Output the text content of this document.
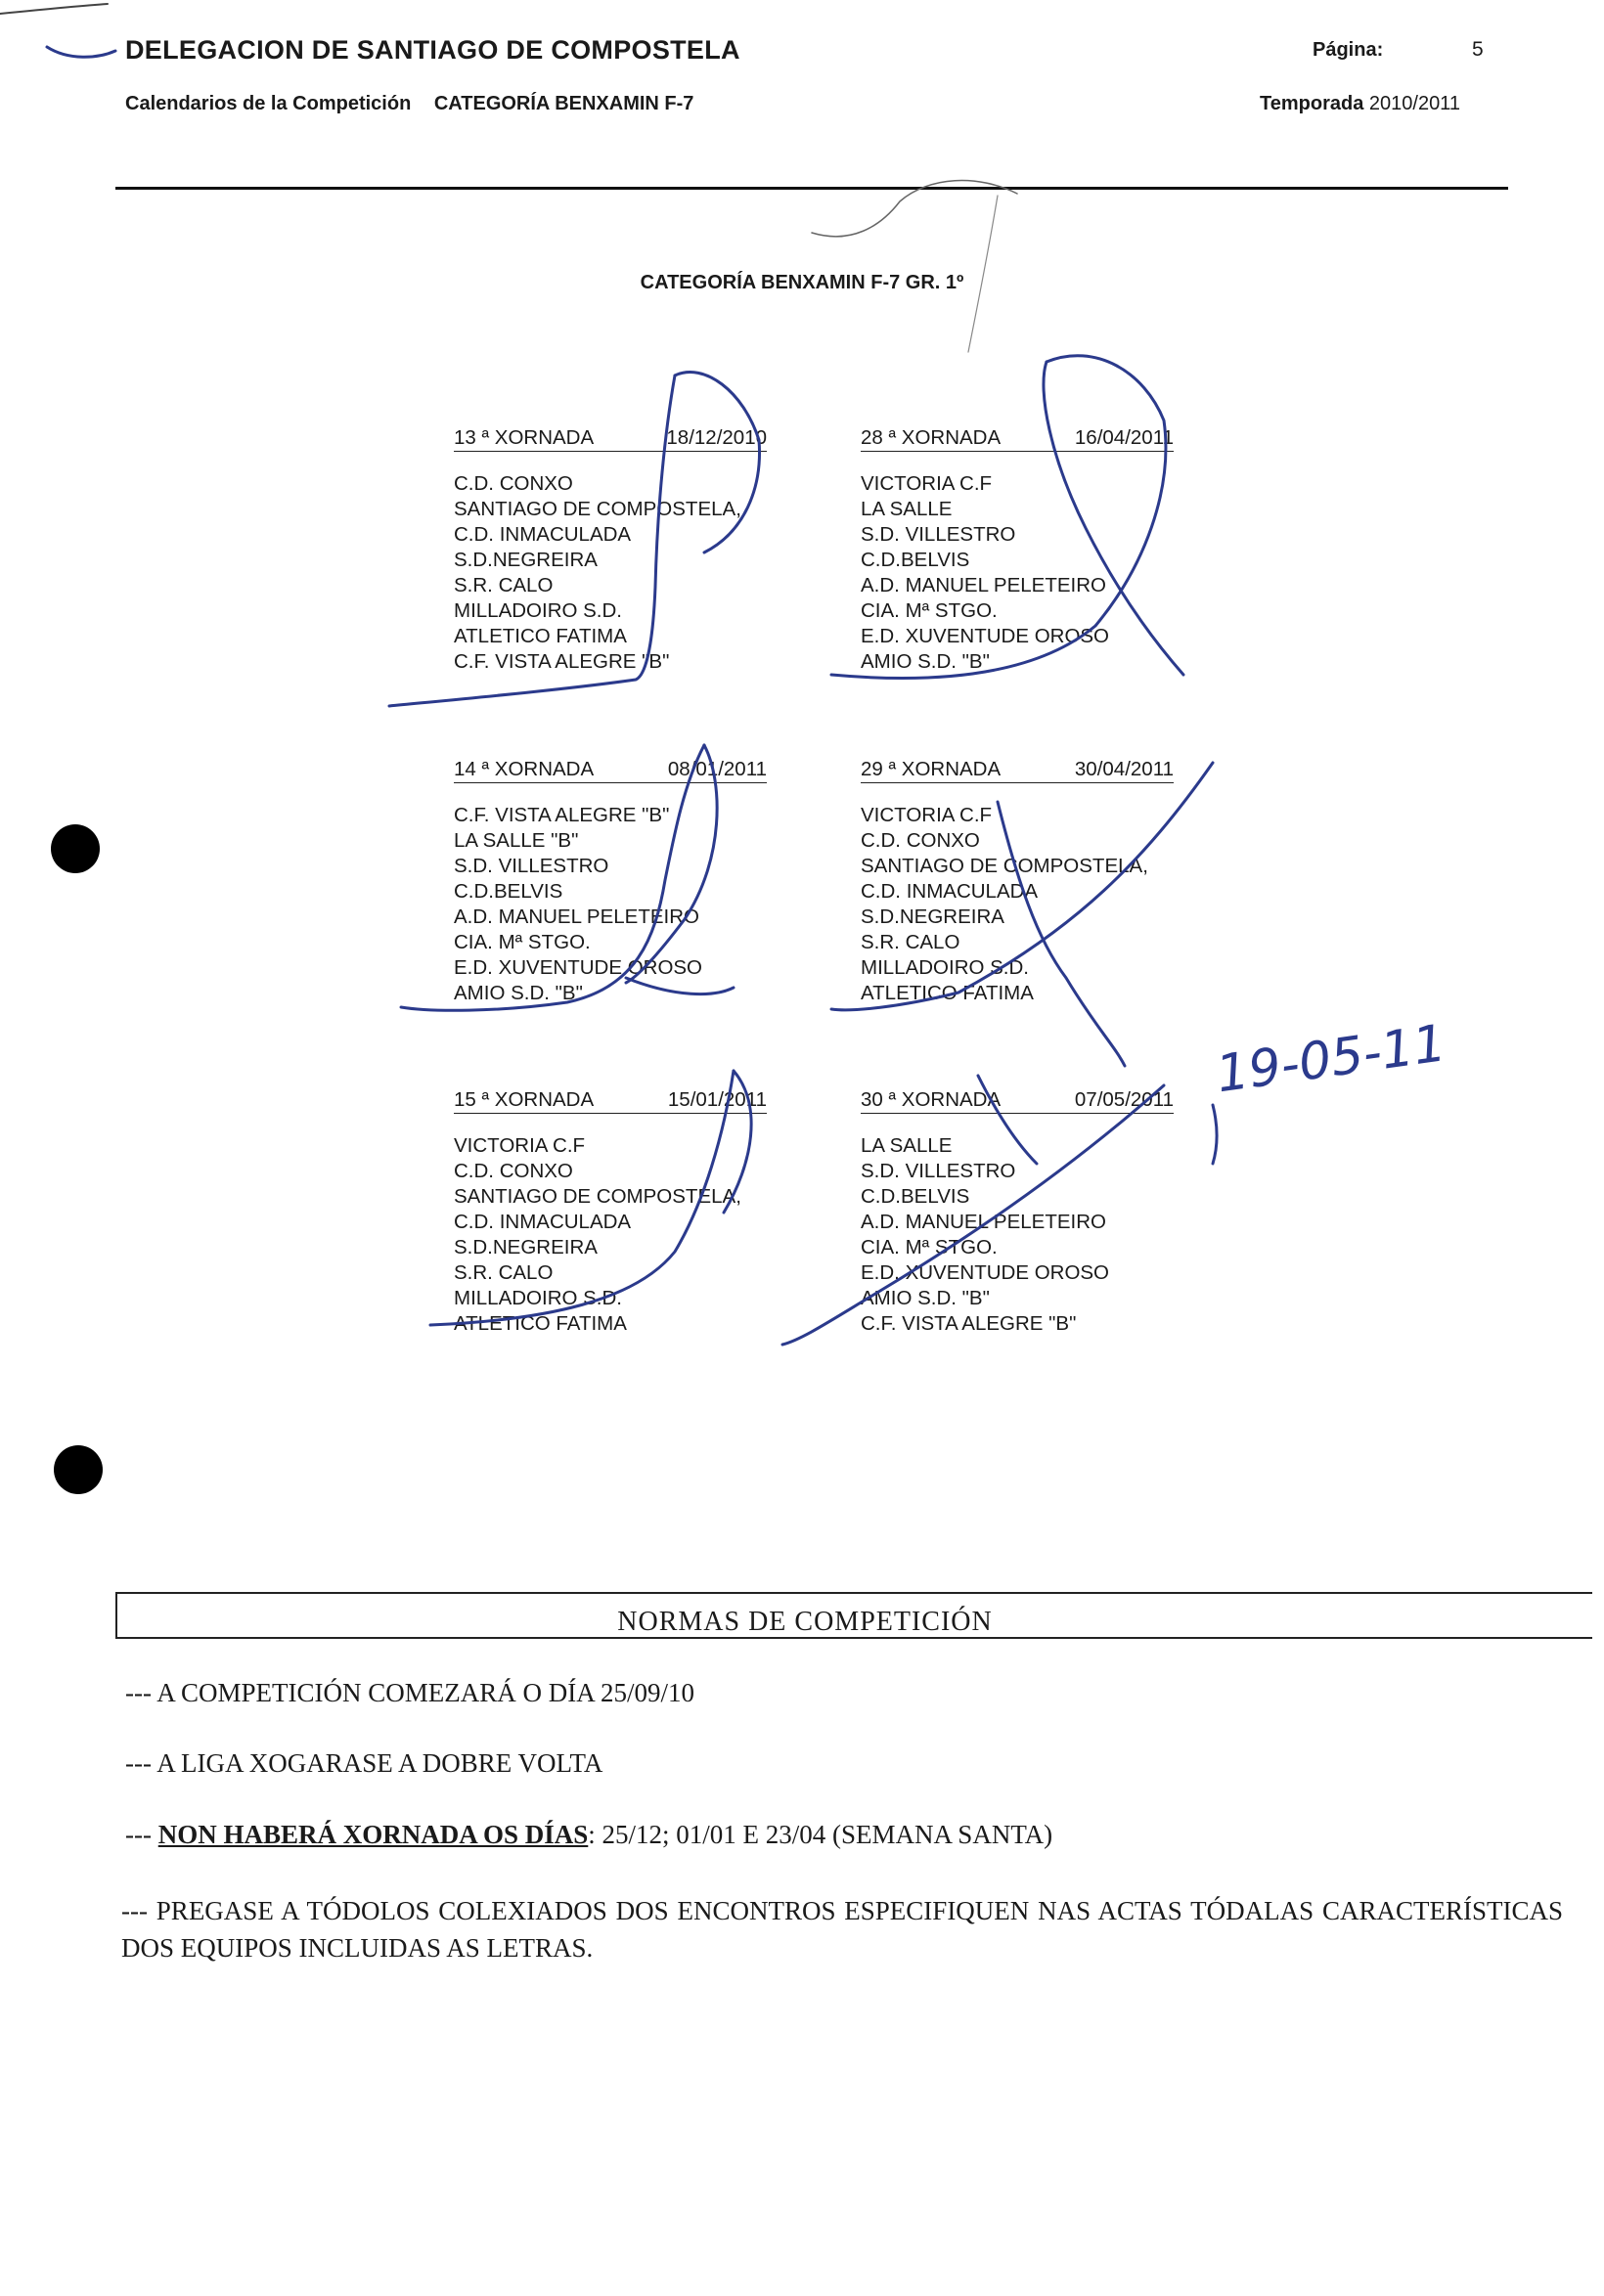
DELEGACION DE SANTIAGO DE COMPOSTELA
Calendarios de la Competición CATEGORÍA BENXAMIN F-7
Página:	5
Temporada 2010/2011
CATEGORÍA BENXAMIN F-7 GR. 1º
13 ª XORNADA	18/12/2010
C.D. CONXO
SANTIAGO DE COMPOSTELA,
C.D. INMACULADA
S.D.NEGREIRA
S.R. CALO
MILLADOIRO S.D.
ATLETICO FATIMA
C.F. VISTA ALEGRE "B"
28 ª XORNADA	16/04/2011
VICTORIA C.F
LA SALLE
S.D. VILLESTRO
C.D.BELVIS
A.D. MANUEL PELETEIRO
CIA. Mª STGO.
E.D. XUVENTUDE OROSO
AMIO S.D. "B"
14 ª XORNADA	08/01/2011
C.F. VISTA ALEGRE "B"
LA SALLE "B"
S.D. VILLESTRO
C.D.BELVIS
A.D. MANUEL PELETEIRO
CIA. Mª STGO.
E.D. XUVENTUDE OROSO
AMIO S.D. "B"
29 ª XORNADA	30/04/2011
VICTORIA C.F
C.D. CONXO
SANTIAGO DE COMPOSTELA,
C.D. INMACULADA
S.D.NEGREIRA
S.R. CALO
MILLADOIRO S.D.
ATLETICO FATIMA
15 ª XORNADA	15/01/2011
VICTORIA C.F
C.D. CONXO
SANTIAGO DE COMPOSTELA,
C.D. INMACULADA
S.D.NEGREIRA
S.R. CALO
MILLADOIRO S.D.
ATLETICO FATIMA
30 ª XORNADA	07/05/2011
LA SALLE
S.D. VILLESTRO
C.D.BELVIS
A.D. MANUEL PELETEIRO
CIA. Mª STGO.
E.D. XUVENTUDE OROSO
AMIO S.D. "B"
C.F. VISTA ALEGRE "B"
19-05-11
NORMAS DE COMPETICIÓN
--- A COMPETICIÓN COMEZARÁ O DÍA 25/09/10
--- A LIGA XOGARASE A DOBRE VOLTA
--- NON HABERÁ XORNADA OS DÍAS: 25/12; 01/01 E 23/04 (SEMANA SANTA)
--- PREGASE A TÓDOLOS COLEXIADOS DOS ENCONTROS ESPECIFIQUEN NAS ACTAS TÓDALAS CARACTERÍSTICAS DOS EQUIPOS INCLUIDAS AS LETRAS.
